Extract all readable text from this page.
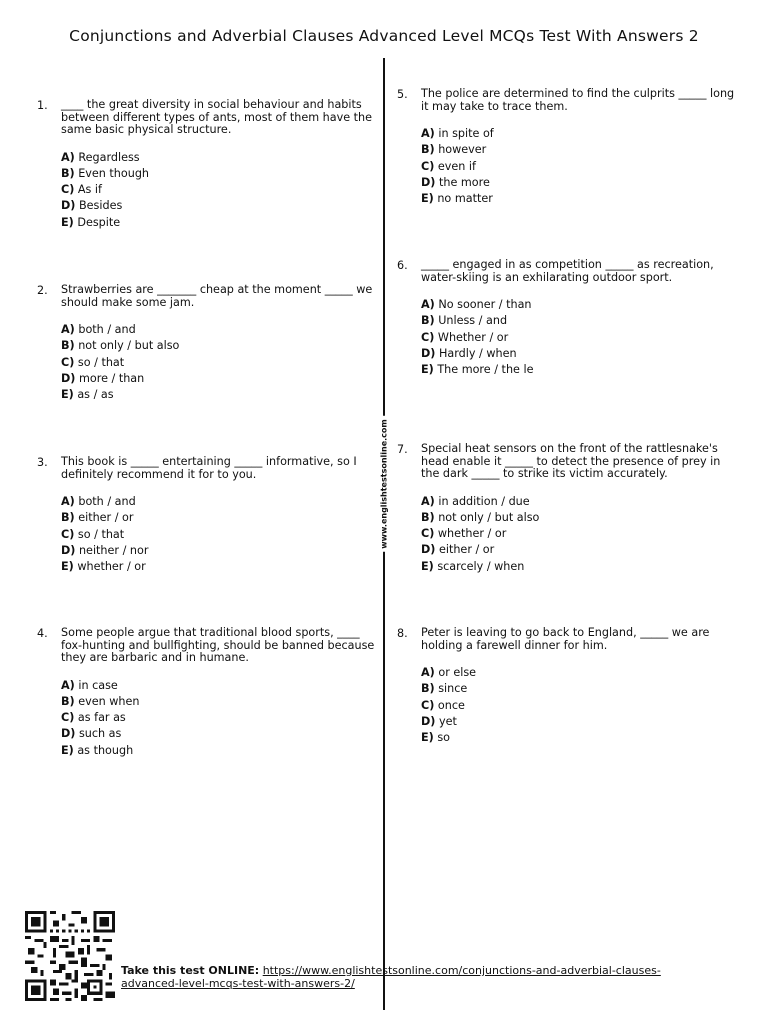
Conjunctions and Adverbial Clauses Advanced Level MCQs Test With Answers 2
www.englishtestsonline.com
1. ____ the great diversity in social behaviour and habits between different types of ants, most of them have the same basic physical structure.

A) Regardless
B) Even though
C) As if
D) Besides
E) Despite
2. Strawberries are _______ cheap at the moment _____ we should make some jam.

A) both / and
B) not only / but also
C) so / that
D) more / than
E) as / as
3. This book is _____ entertaining _____ informative, so I definitely recommend it for to you.

A) both / and
B) either / or
C) so / that
D) neither / nor
E) whether / or
4. Some people argue that traditional blood sports, ____ fox-hunting and bullfighting, should be banned because they are barbaric and in humane.

A) in case
B) even when
C) as far as
D) such as
E) as though
5. The police are determined to find the culprits _____ long it may take to trace them.

A) in spite of
B) however
C) even if
D) the more
E) no matter
6. _____ engaged in as competition _____ as recreation, water-skiing is an exhilarating outdoor sport.

A) No sooner / than
B) Unless / and
C) Whether / or
D) Hardly / when
E) The more / the le
7. Special heat sensors on the front of the rattlesnake's head enable it _____ to detect the presence of prey in the dark _____ to strike its victim accurately.

A) in addition / due
B) not only / but also
C) whether / or
D) either / or
E) scarcely / when
8. Peter is leaving to go back to England, _____ we are holding a farewell dinner for him.

A) or else
B) since
C) once
D) yet
E) so
Take this test ONLINE: https://www.englishtestsonline.com/conjunctions-and-adverbial-clauses-advanced-level-mcqs-test-with-answers-2/
